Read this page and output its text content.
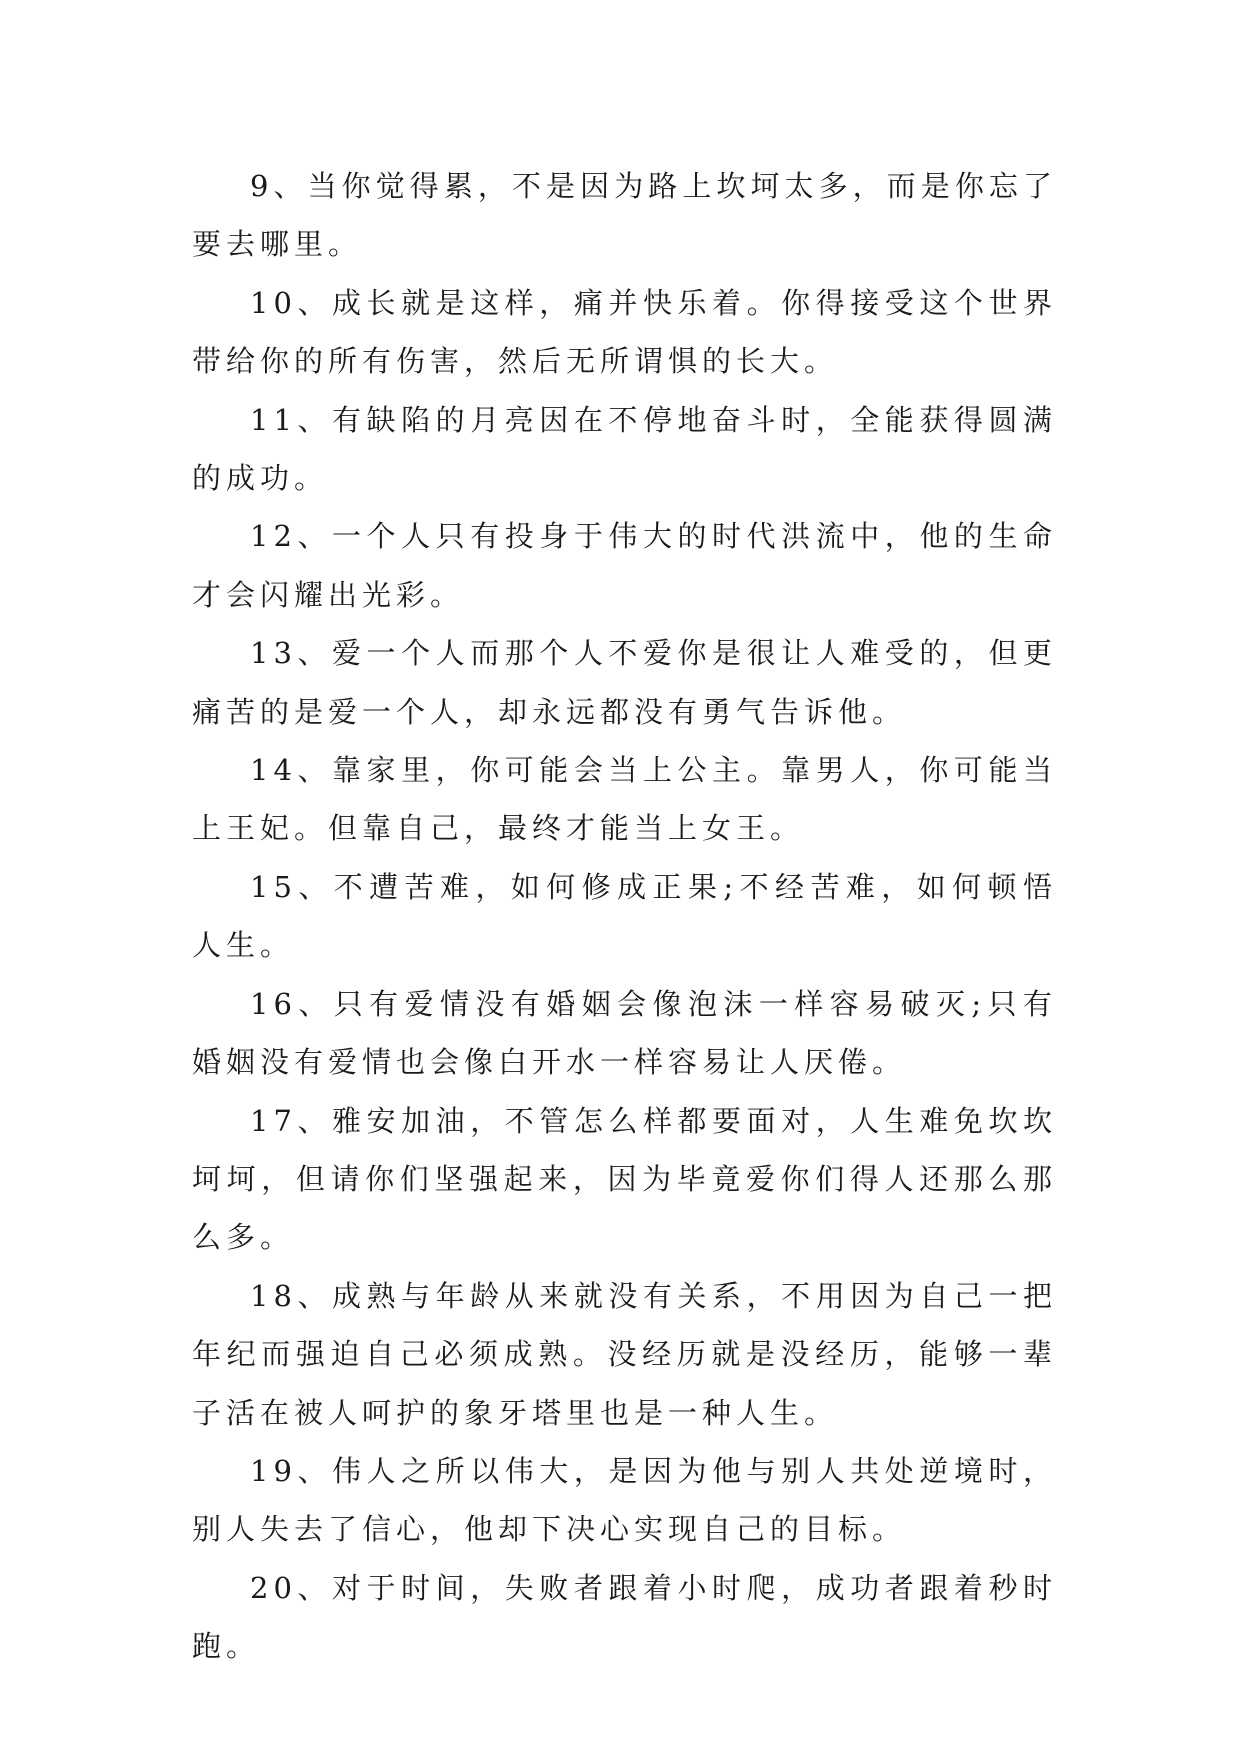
9、当你觉得累，不是因为路上坎坷太多，而是你忘了要去哪里。

10、成长就是这样，痛并快乐着。你得接受这个世界带给你的所有伤害，然后无所谓惧的长大。

11、有缺陷的月亮因在不停地奋斗时，全能获得圆满的成功。

12、一个人只有投身于伟大的时代洪流中，他的生命才会闪耀出光彩。

13、爱一个人而那个人不爱你是很让人难受的，但更痛苦的是爱一个人，却永远都没有勇气告诉他。

14、靠家里，你可能会当上公主。靠男人，你可能当上王妃。但靠自己，最终才能当上女王。

15、不遭苦难，如何修成正果;不经苦难，如何顿悟人生。

16、只有爱情没有婚姻会像泡沫一样容易破灭;只有婚姻没有爱情也会像白开水一样容易让人厌倦。

17、雅安加油，不管怎么样都要面对，人生难免坎坎坷坷，但请你们坚强起来，因为毕竟爱你们得人还那么那么多。

18、成熟与年龄从来就没有关系，不用因为自己一把年纪而强迫自己必须成熟。没经历就是没经历，能够一辈子活在被人呵护的象牙塔里也是一种人生。

19、伟人之所以伟大，是因为他与别人共处逆境时，别人失去了信心，他却下决心实现自己的目标。

20、对于时间，失败者跟着小时爬，成功者跟着秒时跑。
